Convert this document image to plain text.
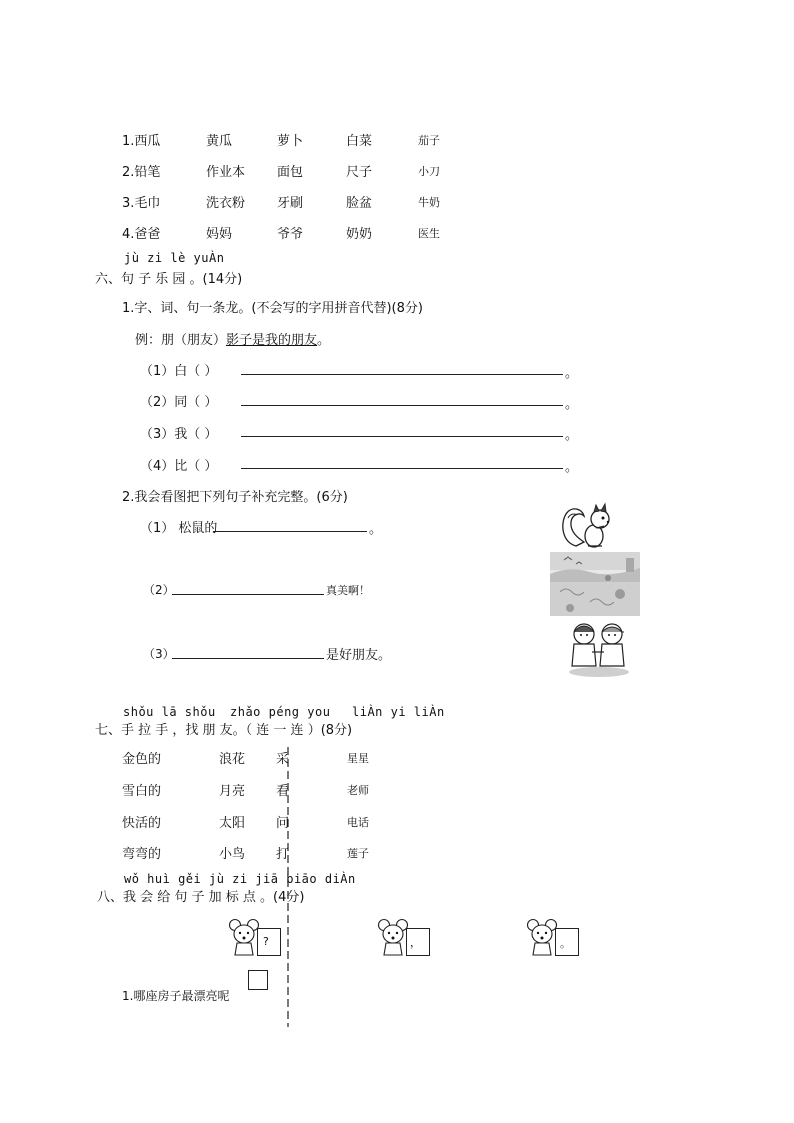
1.西瓜	黄瓜	萝卜	白菜	茄子
2.铅笔	作业本 面包	尺子	小刀
3.毛巾	洗衣粉 牙刷	脸盆	牛奶
4.爸爸	妈妈	爷爷	奶奶	医生
jù zi lè yuÀn
六、句 子 乐 园 。(14分)
1.字、词、句一条龙。(不会写的字用拼音代替)(8分)
例：朋（朋友）影子是我的朋友。
（1）白（ ）	。
（2）同（ ）	。
（3）我（ ）	。
（4）比（ ）	。
2.我会看图把下列句子补充完整。(6分)
（1） 松鼠的	。
（2）	真美啊！
（3）	是好朋友。
shǒu lā shǒu zhǎo péng you liÀn yi liÀn
七、手 拉 手 ，找 朋 友。（ 连 一 连 ）(8分)
金色的	浪花 采	星星
雪白的	月亮 看	老师
快活的	太阳 问	电话
弯弯的	小鸟 打	莲子
wǒ huì gěi jù zi jiā biāo diÀn
八、我 会 给 句 子 加 标 点 。(4分)
?	，	。
1.哪座房子最漂亮呢
